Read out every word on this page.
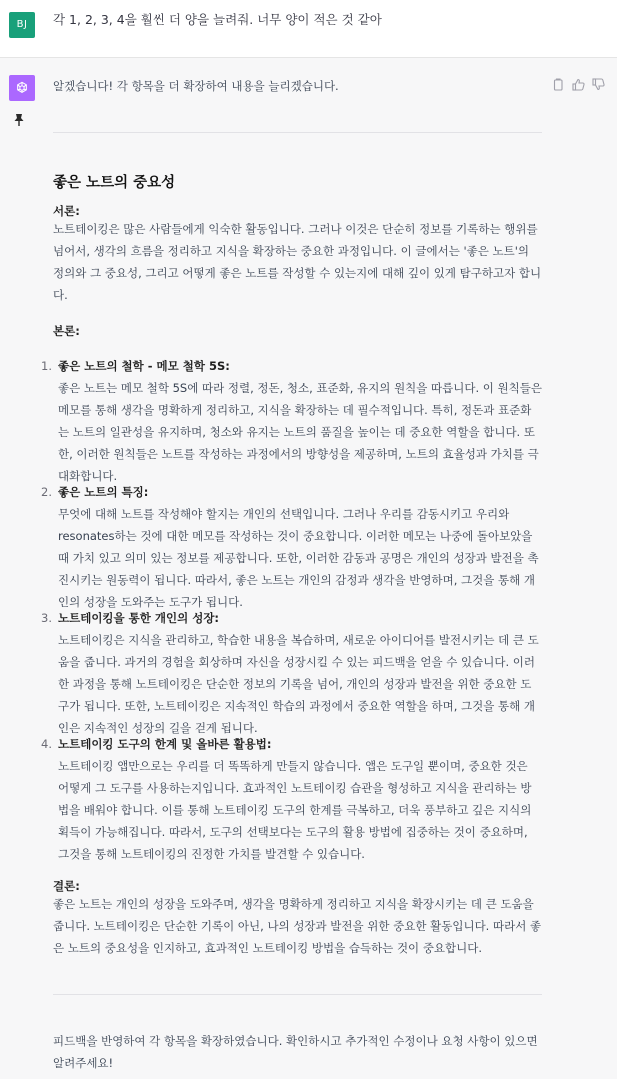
BJ	각 1, 2, 3, 4을 훨씬 더 양을 늘려줘. 너무 양이 적은 것 같아
알겠습니다! 각 항목을 더 확장하여 내용을 늘리겠습니다.
좋은 노트의 중요성
서론:
노트테이킹은 많은 사람들에게 익숙한 활동입니다. 그러나 이것은 단순히 정보를 기록하는 행위를 넘어서, 생각의 흐름을 정리하고 지식을 확장하는 중요한 과정입니다. 이 글에서는 '좋은 노트'의 정의와 그 중요성, 그리고 어떻게 좋은 노트를 작성할 수 있는지에 대해 깊이 있게 탐구하고자 합니다.
본론:
1. 좋은 노트의 철학 - 메모 철학 5S:
좋은 노트는 메모 철학 5S에 따라 정렬, 정돈, 청소, 표준화, 유지의 원칙을 따릅니다. 이 원칙들은 메모를 통해 생각을 명확하게 정리하고, 지식을 확장하는 데 필수적입니다. 특히, 정돈과 표준화는 노트의 일관성을 유지하며, 청소와 유지는 노트의 품질을 높이는 데 중요한 역할을 합니다. 또한, 이러한 원칙들은 노트를 작성하는 과정에서의 방향성을 제공하며, 노트의 효율성과 가치를 극대화합니다.
2. 좋은 노트의 특징:
무엇에 대해 노트를 작성해야 할지는 개인의 선택입니다. 그러나 우리를 감동시키고 우리와 resonates하는 것에 대한 메모를 작성하는 것이 중요합니다. 이러한 메모는 나중에 돌아보았을 때 가치 있고 의미 있는 정보를 제공합니다. 또한, 이러한 감동과 공명은 개인의 성장과 발전을 촉진시키는 원동력이 됩니다. 따라서, 좋은 노트는 개인의 감정과 생각을 반영하며, 그것을 통해 개인의 성장을 도와주는 도구가 됩니다.
3. 노트테이킹을 통한 개인의 성장:
노트테이킹은 지식을 관리하고, 학습한 내용을 복습하며, 새로운 아이디어를 발전시키는 데 큰 도움을 줍니다. 과거의 경험을 회상하며 자신을 성장시킬 수 있는 피드백을 얻을 수 있습니다. 이러한 과정을 통해 노트테이킹은 단순한 정보의 기록을 넘어, 개인의 성장과 발전을 위한 중요한 도구가 됩니다. 또한, 노트테이킹은 지속적인 학습의 과정에서 중요한 역할을 하며, 그것을 통해 개인은 지속적인 성장의 길을 걷게 됩니다.
4. 노트테이킹 도구의 한계 및 올바른 활용법:
노트테이킹 앱만으로는 우리를 더 똑똑하게 만들지 않습니다. 앱은 도구일 뿐이며, 중요한 것은 어떻게 그 도구를 사용하는지입니다. 효과적인 노트테이킹 습관을 형성하고 지식을 관리하는 방법을 배워야 합니다. 이를 통해 노트테이킹 도구의 한계를 극복하고, 더욱 풍부하고 깊은 지식의 획득이 가능해집니다. 따라서, 도구의 선택보다는 도구의 활용 방법에 집중하는 것이 중요하며, 그것을 통해 노트테이킹의 진정한 가치를 발견할 수 있습니다.
결론:
좋은 노트는 개인의 성장을 도와주며, 생각을 명확하게 정리하고 지식을 확장시키는 데 큰 도움을 줍니다. 노트테이킹은 단순한 기록이 아닌, 나의 성장과 발전을 위한 중요한 활동입니다. 따라서 좋은 노트의 중요성을 인지하고, 효과적인 노트테이킹 방법을 습득하는 것이 중요합니다.
피드백을 반영하여 각 항목을 확장하였습니다. 확인하시고 추가적인 수정이나 요청 사항이 있으면 알려주세요!
